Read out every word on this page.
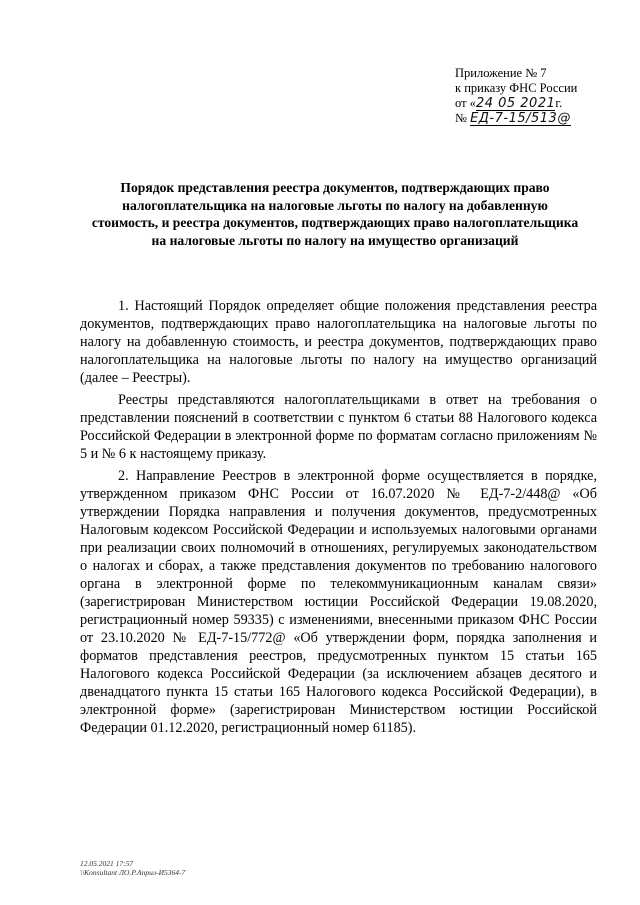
Приложение № 7
к приказу ФНС России
от «24 05 2021г.
№ ЕД-7-15/513@
Порядок представления реестра документов, подтверждающих право налогоплательщика на налоговые льготы по налогу на добавленную стоимость, и реестра документов, подтверждающих право налогоплательщика на налоговые льготы по налогу на имущество организаций

1. Настоящий Порядок определяет общие положения представления реестра документов, подтверждающих право налогоплательщика на налоговые льготы по налогу на добавленную стоимость, и реестра документов, подтверждающих право налогоплательщика на налоговые льготы по налогу на имущество организаций (далее – Реестры).

Реестры представляются налогоплательщиками в ответ на требования о представлении пояснений в соответствии с пунктом 6 статьи 88 Налогового кодекса Российской Федерации в электронной форме по форматам согласно приложениям № 5 и № 6 к настоящему приказу.

2. Направление Реестров в электронной форме осуществляется в порядке, утвержденном приказом ФНС России от 16.07.2020 № ЕД-7-2/448@ «Об утверждении Порядка направления и получения документов, предусмотренных Налоговым кодексом Российской Федерации и используемых налоговыми органами при реализации своих полномочий в отношениях, регулируемых законодательством о налогах и сборах, а также представления документов по требованию налогового органа в электронной форме по телекоммуникационным каналам связи» (зарегистрирован Министерством юстиции Российской Федерации 19.08.2020, регистрационный номер 59335) с изменениями, внесенными приказом ФНС России от 23.10.2020 № ЕД-7-15/772@ «Об утверждении форм, порядка заполнения и форматов представления реестров, предусмотренных пунктом 15 статьи 165 Налогового кодекса Российской Федерации (за исключением абзацев десятого и двенадцатого пункта 15 статьи 165 Налогового кодекса Российской Федерации), в электронной форме» (зарегистрирован Министерством юстиции Российской Федерации 01.12.2020, регистрационный номер 61185).

12.05.2021 17:57
\\Konsultant ЛО.Р.Април-И5364-7
